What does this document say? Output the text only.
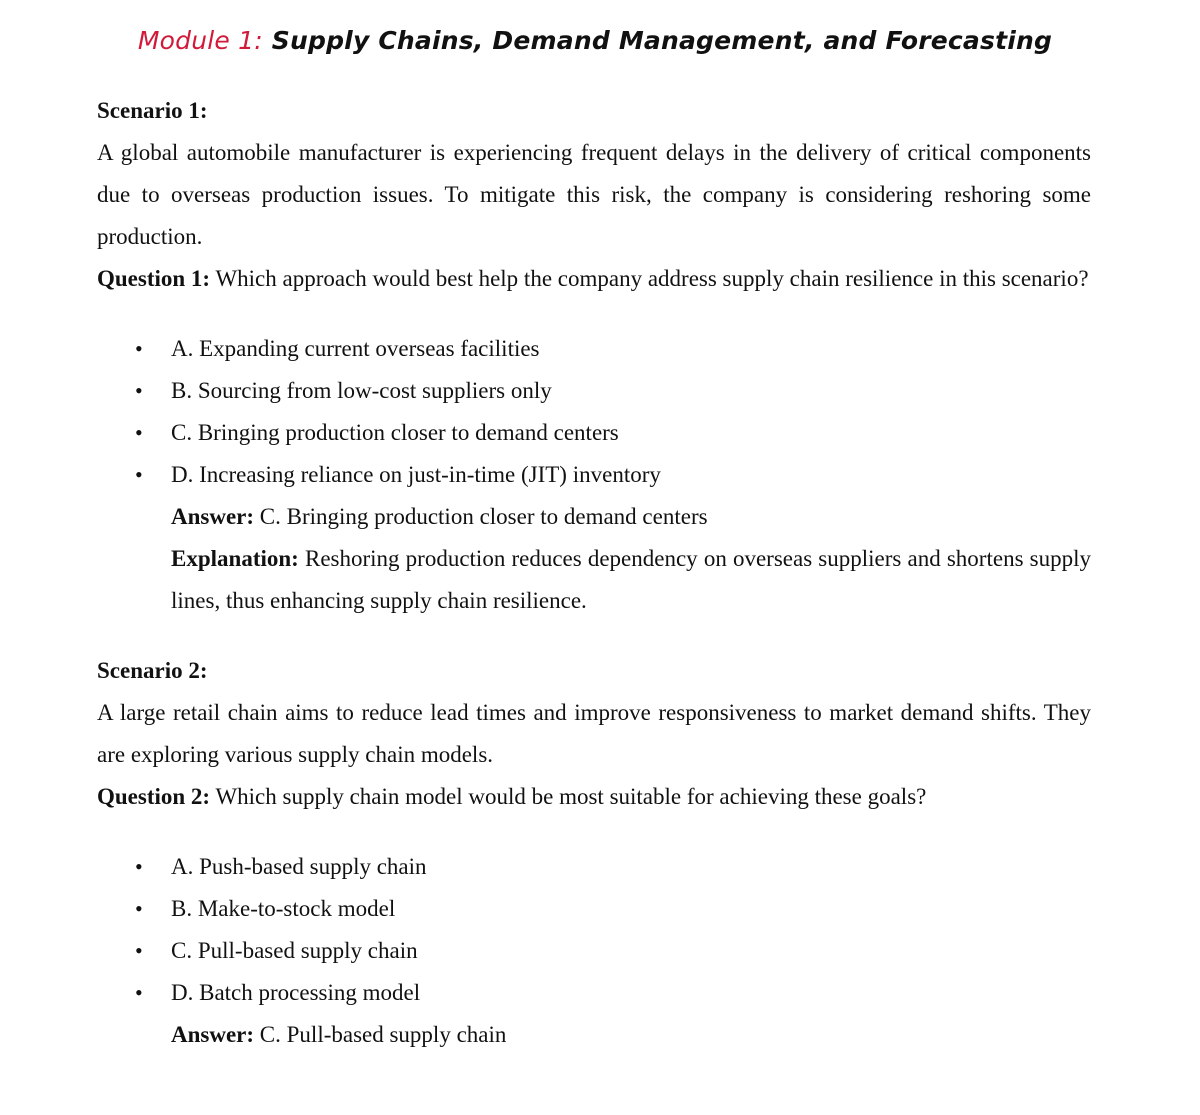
Module 1: Supply Chains, Demand Management, and Forecasting

Scenario 1:

A global automobile manufacturer is experiencing frequent delays in the delivery of critical components due to overseas production issues. To mitigate this risk, the company is considering reshoring some production.

Question 1: Which approach would best help the company address supply chain resilience in this scenario?

• A. Expanding current overseas facilities
• B. Sourcing from low-cost suppliers only
• C. Bringing production closer to demand centers
• D. Increasing reliance on just-in-time (JIT) inventory

Answer: C. Bringing production closer to demand centers

Explanation: Reshoring production reduces dependency on overseas suppliers and shortens supply lines, thus enhancing supply chain resilience.

Scenario 2:

A large retail chain aims to reduce lead times and improve responsiveness to market demand shifts. They are exploring various supply chain models.

Question 2: Which supply chain model would be most suitable for achieving these goals?

• A. Push-based supply chain
• B. Make-to-stock model
• C. Pull-based supply chain
• D. Batch processing model

Answer: C. Pull-based supply chain
